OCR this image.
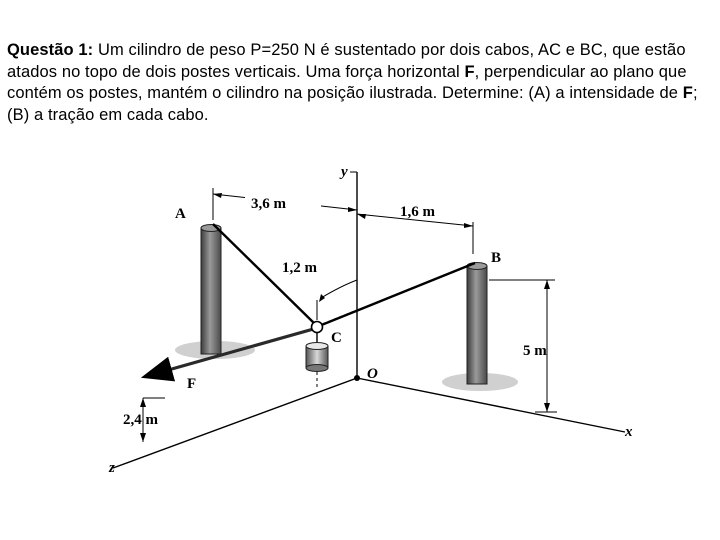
Questão 1: Um cilindro de peso P=250 N é sustentado por dois cabos, AC e BC, que estão atados no topo de dois postes verticais. Uma força horizontal F, perpendicular ao plano que contém os postes, mantém o cilindro na posição ilustrada. Determine: (A) a intensidade de F; (B) a tração em cada cabo.
A
B
C
O
y
x
z
F
3,6 m	1,6 m
1,2 m
5 m
2,4 m
